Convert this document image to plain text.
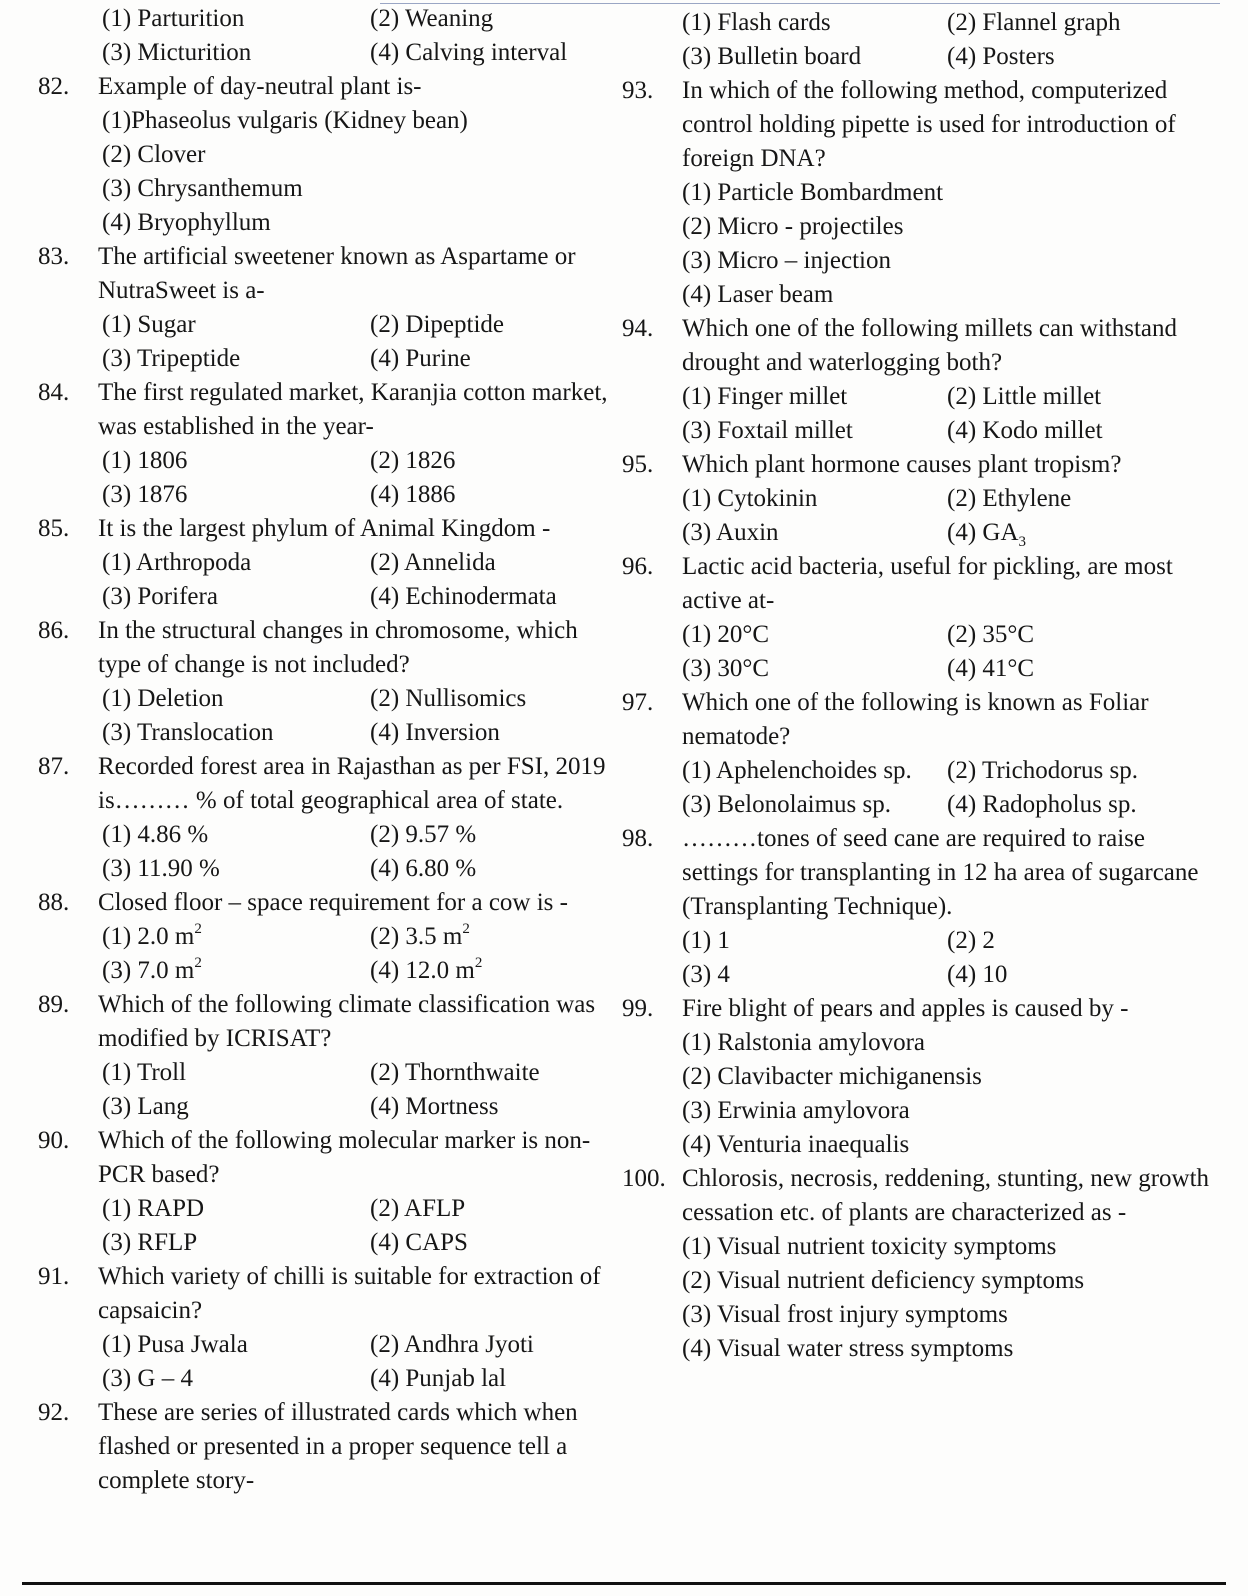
(1) Parturition	(2) Weaning
(3) Micturition	(4) Calving interval
82.	Example of day-neutral plant is-
(1)Phaseolus vulgaris (Kidney bean)
(2) Clover
(3) Chrysanthemum
(4) Bryophyllum
83.	The artificial sweetener known as Aspartame or NutraSweet is a-
(1) Sugar	(2) Dipeptide
(3) Tripeptide	(4) Purine
84.	The first regulated market, Karanjia cotton market, was established in the year-
(1) 1806	(2) 1826
(3) 1876	(4) 1886
85.	It is the largest phylum of Animal Kingdom -
(1) Arthropoda	(2) Annelida
(3) Porifera	(4) Echinodermata
86.	In the structural changes in chromosome, which type of change is not included?
(1) Deletion	(2) Nullisomics
(3) Translocation	(4) Inversion
87.	Recorded forest area in Rajasthan as per FSI, 2019 is……… % of total geographical area of state.
(1) 4.86 %	(2) 9.57 %
(3) 11.90 %	(4) 6.80 %
88.	Closed floor – space requirement for a cow is -
(1) 2.0 $m^2$	(2) 3.5 $m^2$
(3) 7.0 $m^2$	(4) 12.0 $m^2$
89.	Which of the following climate classification was modified by ICRISAT?
(1) Troll	(2) Thornthwaite
(3) Lang	(4) Mortness
90.	Which of the following molecular marker is non-PCR based?
(1) RAPD	(2) AFLP
(3) RFLP	(4) CAPS
91.	Which variety of chilli is suitable for extraction of capsaicin?
(1) Pusa Jwala	(2) Andhra Jyoti
(3) G – 4	(4) Punjab lal
92.	These are series of illustrated cards which when flashed or presented in a proper sequence tell a complete story-
(1) Flash cards	(2) Flannel graph
(3) Bulletin board	(4) Posters
93.	In which of the following method, computerized control holding pipette is used for introduction of foreign DNA?
(1) Particle Bombardment
(2) Micro - projectiles
(3) Micro – injection
(4) Laser beam
94.	Which one of the following millets can withstand drought and waterlogging both?
(1) Finger millet	(2) Little millet
(3) Foxtail millet	(4) Kodo millet
95.	Which plant hormone causes plant tropism?
(1) Cytokinin	(2) Ethylene
(3) Auxin	(4) $GA_3$
96.	Lactic acid bacteria, useful for pickling, are most active at-
(1) 20°C	(2) 35°C
(3) 30°C	(4) 41°C
97.	Which one of the following is known as Foliar nematode?
(1) Aphelenchoides sp.	(2) Trichodorus sp.
(3) Belonolaimus sp.	(4) Radopholus sp.
98.	………tones of seed cane are required to raise settings for transplanting in 12 ha area of sugarcane (Transplanting Technique).
(1) 1	(2) 2
(3) 4	(4) 10
99.	Fire blight of pears and apples is caused by -
(1) Ralstonia amylovora
(2) Clavibacter michiganensis
(3) Erwinia amylovora
(4) Venturia inaequalis
100. Chlorosis, necrosis, reddening, stunting, new growth cessation etc. of plants are characterized as -
(1) Visual nutrient toxicity symptoms
(2) Visual nutrient deficiency symptoms
(3) Visual frost injury symptoms
(4) Visual water stress symptoms
